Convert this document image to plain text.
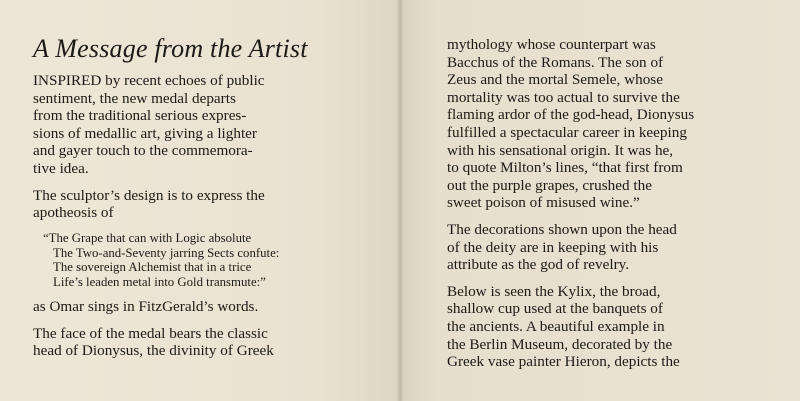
A Message from the Artist

INSPIRED by recent echoes of public
sentiment, the new medal departs
from the traditional serious expres-
sions of medallic art, giving a lighter
and gayer touch to the commemora-
tive idea.

The sculptor’s design is to express the
apotheosis of

“The Grape that can with Logic absolute
The Two-and-Seventy jarring Sects confute:
The sovereign Alchemist that in a trice
Life’s leaden metal into Gold transmute:”

as Omar sings in FitzGerald’s words.

The face of the medal bears the classic
head of Dionysus, the divinity of Greek

mythology whose counterpart was
Bacchus of the Romans. The son of
Zeus and the mortal Semele, whose
mortality was too actual to survive the
flaming ardor of the god-head, Dionysus
fulfilled a spectacular career in keeping
with his sensational origin. It was he,
to quote Milton’s lines, “that first from
out the purple grapes, crushed the
sweet poison of misused wine.”

The decorations shown upon the head
of the deity are in keeping with his
attribute as the god of revelry.

Below is seen the Kylix, the broad,
shallow cup used at the banquets of
the ancients. A beautiful example in
the Berlin Museum, decorated by the
Greek vase painter Hieron, depicts the
